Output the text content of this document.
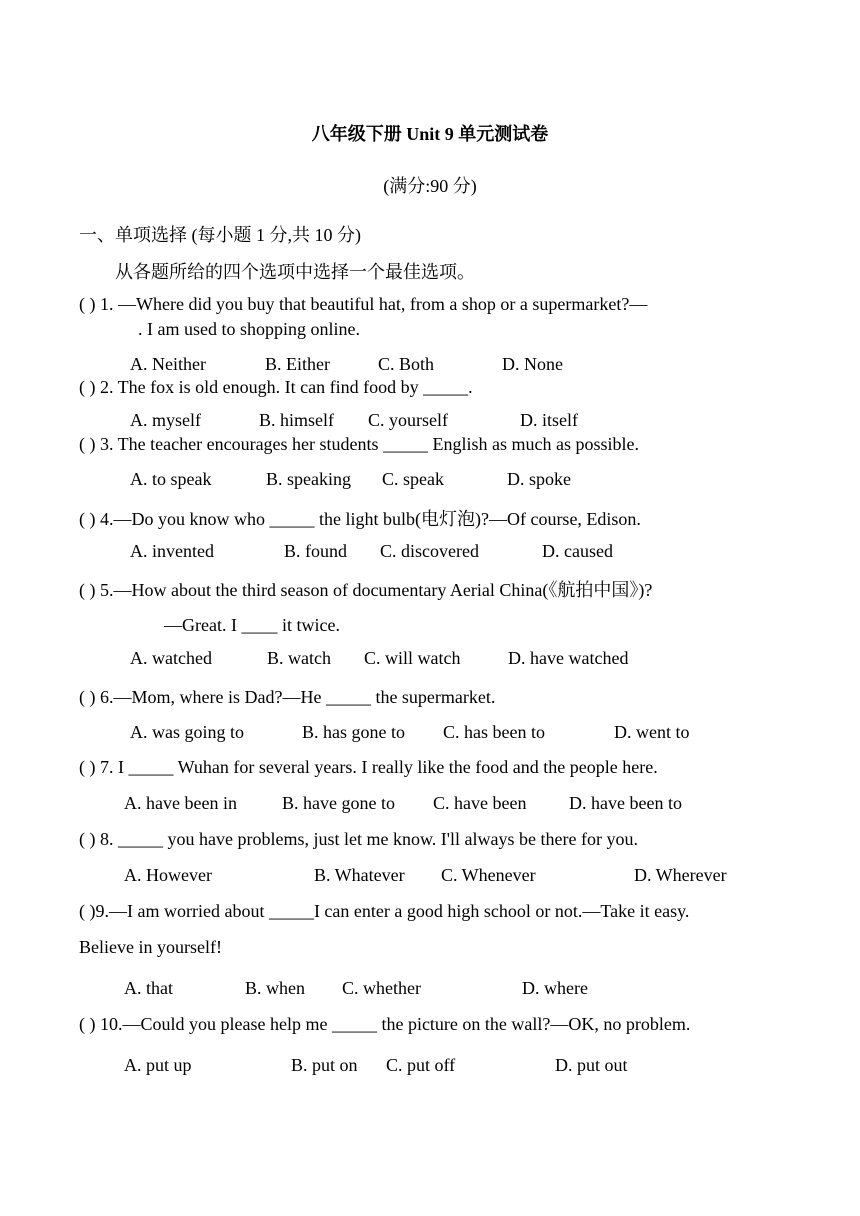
八年级下册 Unit 9 单元测试卷
(满分:90 分)
一、单项选择 (每小题 1 分,共 10 分)
从各题所给的四个选项中选择一个最佳选项。
( ) 1. —Where did you buy that beautiful hat, from a shop or a supermarket?—
. I am used to shopping online.
A. Neither	B. Either	C. Both	D. None
( ) 2. The fox is old enough. It can find food by _____.
A. myself	B. himself C. yourself	D. itself
( ) 3. The teacher encourages her students _____ English as much as possible.
A. to speak	B. speaking C. speak	D. spoke
( ) 4.—Do you know who _____ the light bulb(电灯泡)?—Of course, Edison.
A. invented	B. found C. discovered	D. caused
( ) 5.—How about the third season of documentary Aerial China(《航拍中国》)?
—Great. I ____ it twice.
A. watched	B. watch C. will watch	D. have watched
( ) 6.—Mom, where is Dad?—He _____ the supermarket.
A. was going to	B. has gone to C. has been to	D. went to
( ) 7. I _____ Wuhan for several years. I really like the food and the people here.
A. have been in	B. have gone to C. have been D. have been to
( ) 8. _____ you have problems, just let me know. I'll always be there for you.
A. However	B. Whatever C. Whenever	D. Wherever
( )9.—I am worried about _____I can enter a good high school or not.—Take it easy.
Believe in yourself!
A. that	B. when C. whether	D. where
( ) 10.—Could you please help me _____ the picture on the wall?—OK, no problem.
A. put up	B. put on C. put off	D. put out
